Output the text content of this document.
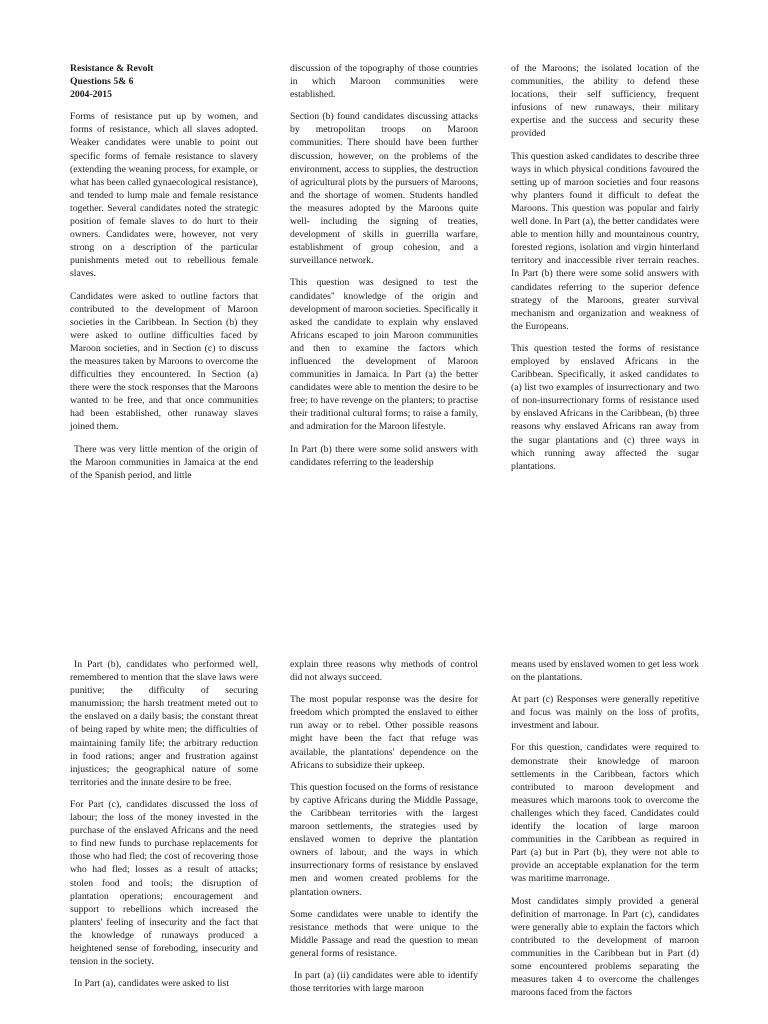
Resistance & Revolt
Questions 5& 6
2004-2015

Forms of resistance put up by women, and forms of resistance, which all slaves adopted. Weaker candidates were unable to point out specific forms of female resistance to slavery (extending the weaning process, for example, or what has been called gynaecological resistance), and tended to lump male and female resistance together. Several candidates noted the strategic position of female slaves to do hurt to their owners. Candidates were, however, not very strong on a description of the particular punishments meted out to rebellious female slaves.

Candidates were asked to outline factors that contributed to the development of Maroon societies in the Caribbean. In Section (b) they were asked to outline difficulties faced by Maroon societies, and in Section (c) to discuss the measures taken by Maroons to overcome the difficulties they encountered. In Section (a) there were the stock responses that the Maroons wanted to be free, and that once communities had been established, other runaway slaves joined them.

There was very little mention of the origin of the Maroon communities in Jamaica at the end of the Spanish period, and little

discussion of the topography of those countries in which Maroon communities were established.

Section (b) found candidates discussing attacks by metropolitan troops on Maroon communities. There should have been further discussion, however, on the problems of the environment, access to supplies, the destruction of agricultural plots by the pursuers of Maroons, and the shortage of women. Students handled the measures adopted by the Maroons quite well- including the signing of treaties, development of skills in guerrilla warfare, establishment of group cohesion, and a surveillance network.

This question was designed to test the candidates" knowledge of the origin and development of maroon societies. Specifically it asked the candidate to explain why enslaved Africans escaped to join Maroon communities and then to examine the factors which influenced the development of Maroon communities in Jamaica. In Part (a) the better candidates were able to mention the desire to be free; to have revenge on the planters; to practise their traditional cultural forms; to raise a family, and admiration for the Maroon lifestyle.

In Part (b) there were some solid answers with candidates referring to the leadership

of the Maroons; the isolated location of the communities, the ability to defend these locations, their self sufficiency, frequent infusions of new runaways, their military expertise and the success and security these provided

This question asked candidates to describe three ways in which physical conditions favoured the setting up of maroon societies and four reasons why planters found it difficult to defeat the Maroons. This question was popular and fairly well done. In Part (a), the better candidates were able to mention hilly and mountainous country, forested regions, isolation and virgin hinterland territory and inaccessible river terrain reaches. In Part (b) there were some solid answers with candidates referring to the superior defence strategy of the Maroons, greater survival mechanism and organization and weakness of the Europeans.

This question tested the forms of resistance employed by enslaved Africans in the Caribbean. Specifically, it asked candidates to (a) list two examples of insurrectionary and two of non-insurrectionary forms of resistance used by enslaved Africans in the Caribbean, (b) three reasons why enslaved Africans ran away from the sugar plantations and (c) three ways in which running away affected the sugar plantations.

In Part (b), candidates who performed well, remembered to mention that the slave laws were punitive; the difficulty of securing manumission; the harsh treatment meted out to the enslaved on a daily basis; the constant threat of being raped by white men; the difficulties of maintaining family life; the arbitrary reduction in food rations; anger and frustration against injustices; the geographical nature of some territories and the innate desire to be free.

For Part (c), candidates discussed the loss of labour; the loss of the money invested in the purchase of the enslaved Africans and the need to find new funds to purchase replacements for those who had fled; the cost of recovering those who had fled; losses as a result of attacks; stolen food and tools; the disruption of plantation operations; encouragement and support to rebellions which increased the planters' feeling of insecurity and the fact that the knowledge of runaways produced a heightened sense of foreboding, insecurity and tension in the society.

In Part (a), candidates were asked to list

explain three reasons why methods of control did not always succeed.

The most popular response was the desire for freedom which prompted the enslaved to either run away or to rebel. Other possible reasons might have been the fact that refuge was available, the plantations' dependence on the Africans to subsidize their upkeep.

This question focused on the forms of resistance by captive Africans during the Middle Passage, the Caribbean territories with the largest maroon settlements, the strategies used by enslaved women to deprive the plantation owners of labour, and the ways in which insurrectionary forms of resistance by enslaved men and women created problems for the plantation owners.

Some candidates were unable to identify the resistance methods that were unique to the Middle Passage and read the question to mean general forms of resistance.

In part (a) (ii) candidates were able to identify those territories with large maroon

means used by enslaved women to get less work on the plantations.

At part (c) Responses were generally repetitive and focus was mainly on the loss of profits, investment and labour.

For this question, candidates were required to demonstrate their knowledge of maroon settlements in the Caribbean, factors which contributed to maroon development and measures which maroons took to overcome the challenges which they faced. Candidates could identify the location of large maroon communities in the Caribbean as required in Part (a) but in Part (b), they were not able to provide an acceptable explanation for the term was maritime marronage.

Most candidates simply provided a general definition of marronage. In Part (c), candidates were generally able to explain the factors which contributed to the development of maroon communities in the Caribbean but in Part (d) some encountered problems separating the measures taken 4 to overcome the challenges maroons faced from the factors
